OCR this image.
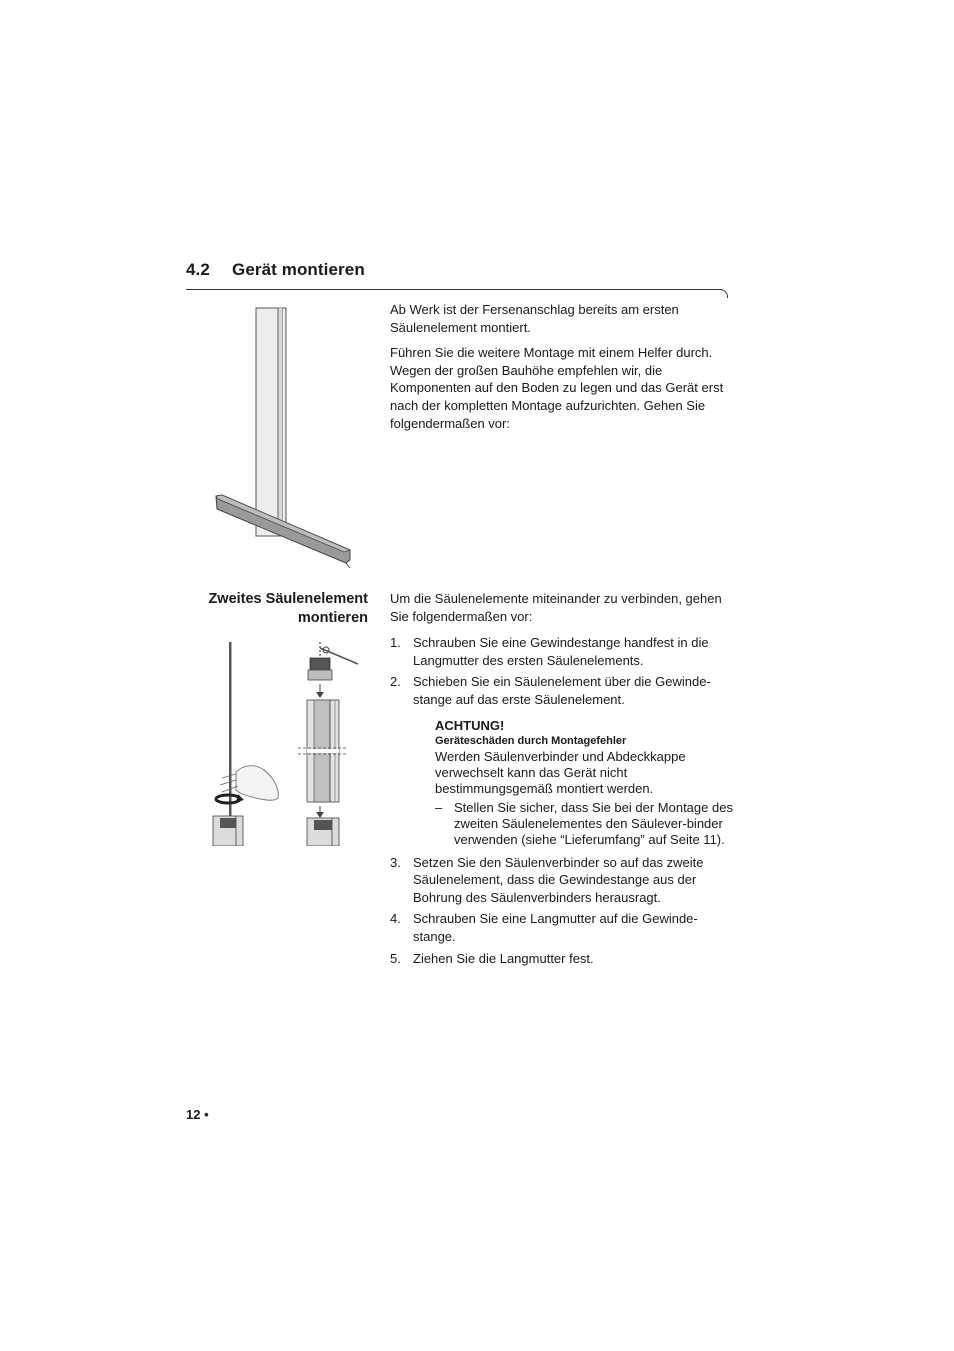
4.2 Gerät montieren

Ab Werk ist der Fersenanschlag bereits am ersten Säulenelement montiert.

Führen Sie die weitere Montage mit einem Helfer durch. Wegen der großen Bauhöhe empfehlen wir, die Komponenten auf den Boden zu legen und das Gerät erst nach der kompletten Montage aufzurichten. Gehen Sie folgendermaßen vor:

Zweites Säulenelement
montieren

Um die Säulenelemente miteinander zu verbinden, gehen Sie folgendermaßen vor:

1. Schrauben Sie eine Gewindestange handfest in die Langmutter des ersten Säulenelements.
2. Schieben Sie ein Säulenelement über die Gewinde-stange auf das erste Säulenelement.
ACHTUNG!
Geräteschäden durch Montagefehler
Werden Säulenverbinder und Abdeckkappe verwechselt kann das Gerät nicht bestimmungsgemäß montiert werden.
– Stellen Sie sicher, dass Sie bei der Montage des zweiten Säulenelementes den Säulever-binder verwenden (siehe “Lieferumfang” auf Seite 11).
3. Setzen Sie den Säulenverbinder so auf das zweite Säulenelement, dass die Gewindestange aus der Bohrung des Säulenverbinders herausragt.
4. Schrauben Sie eine Langmutter auf die Gewinde-stange.
5. Ziehen Sie die Langmutter fest.
12 •
